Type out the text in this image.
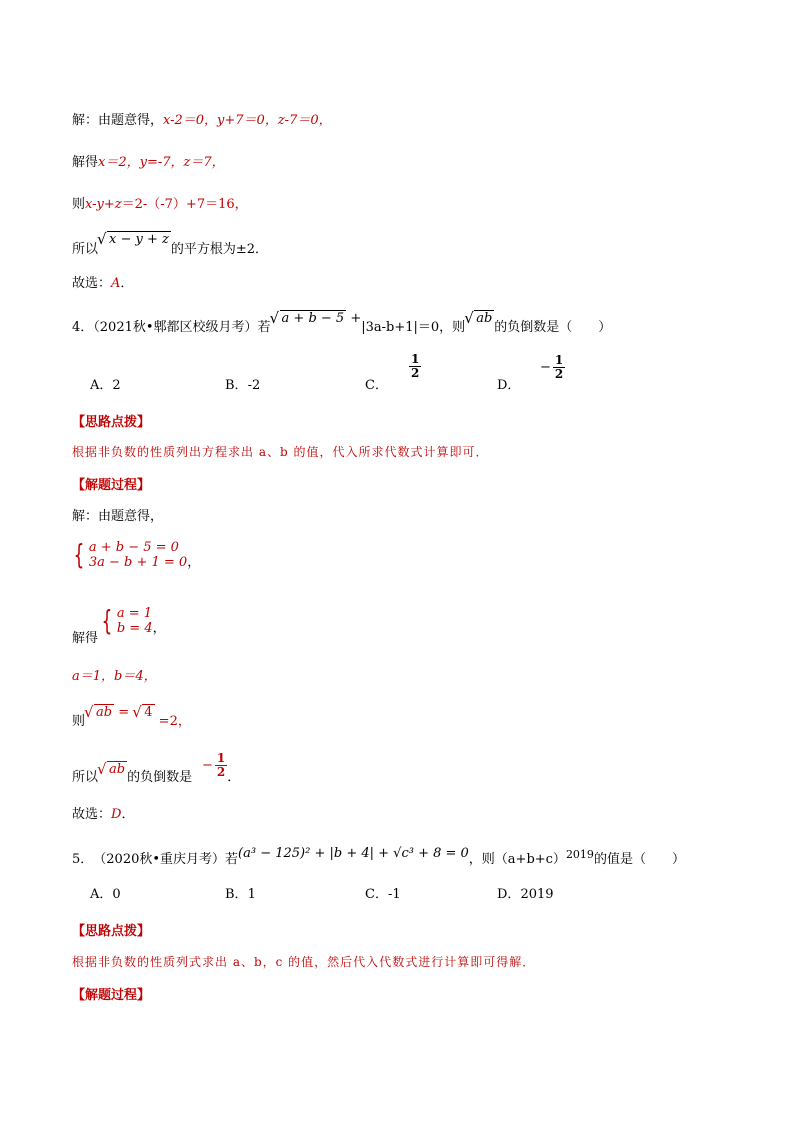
解：由题意得，x-2＝0，y+7＝0，z-7＝0，
解得x＝2，y=-7，z＝7，
则x-y+z＝2-（-7）+7＝16，
所以√ x − y + z的平方根为±2．
故选：A．
4．（2021秋•郫都区校级月考）若√ a + b − 5 +|3a-b+1|＝0，则√ ab的负倒数是（　　）
A．2	B．-2	C．
$\frac{1}{2}$
D．
− $\frac{1}{2}$
【思路点拨】
根据非负数的性质列出方程求出 a、b 的值，代入所求代数式计算即可．
【解题过程】
解：由题意得，
{ a + b − 5 = 0
3a − b + 1 = 0 ，
解得
{ a = 1
b = 4 ，
a＝1，b＝4，
则√ ab = √ 4 =2，
所以√ ab的负倒数是
− $\frac{1}{2}$ ．
故选：D．
5． （2020秋•重庆月考）若 (a³ − 125)² + |b + 4| + √c³ + 8 = 0 ，则（a+b+c） 2019 的值是（　　）
A．0	B．1	C．-1	D．2019
【思路点拨】
根据非负数的性质列式求出 a、b，c 的值，然后代入代数式进行计算即可得解．
【解题过程】
